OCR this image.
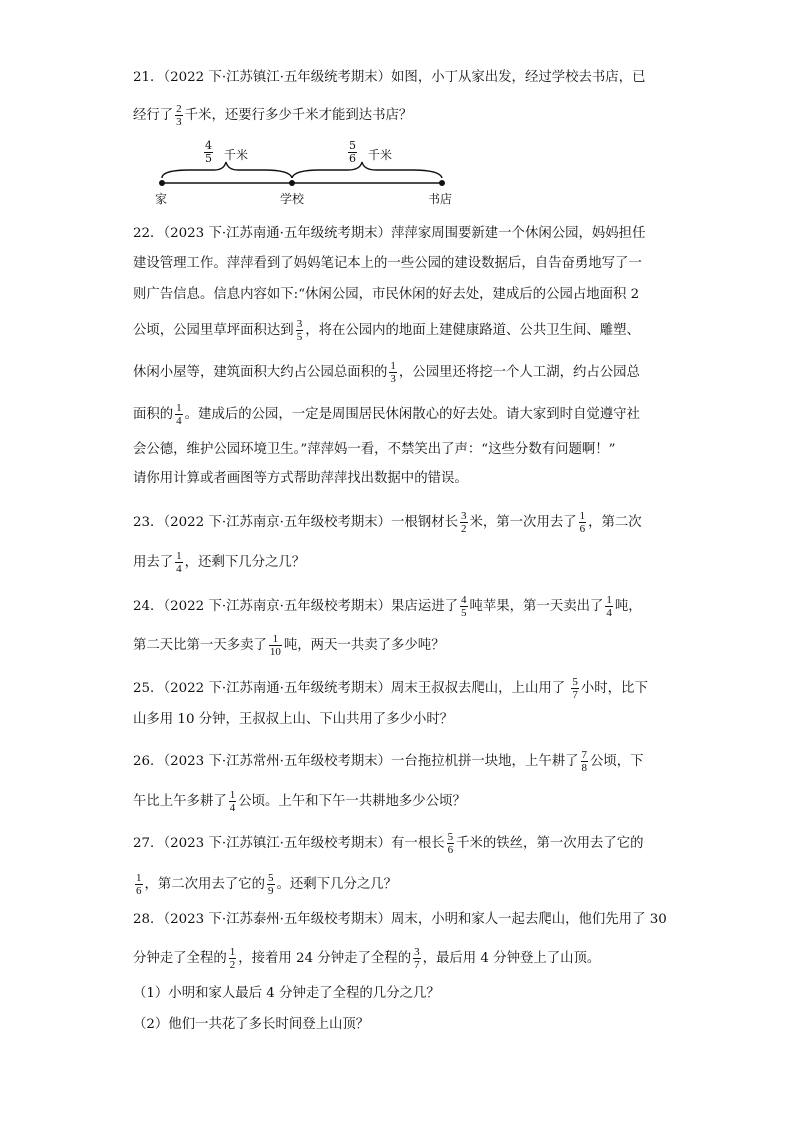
21．（2022 下·江苏镇江·五年级统考期末）如图，小丁从家出发，经过学校去书店，已
经行了 $\frac{2}{3}$ 千米，还要行多少千米才能到达书店？
$\frac{4}{5}$ 千米	$\frac{5}{6}$ 千米
家	学校	书店
22．（2023 下·江苏南通·五年级统考期末）萍萍家周围要新建一个休闲公园，妈妈担任
建设管理工作。萍萍看到了妈妈笔记本上的一些公园的建设数据后，自告奋勇地写了一
则广告信息。信息内容如下:“休闲公园，市民休闲的好去处，建成后的公园占地面积 2
公顷，公园里草坪面积达到 $\frac{3}{5}$ ，将在公园内的地面上建健康路道、公共卫生间、雕塑、
休闲小屋等，建筑面积大约占公园总面积的 $\frac{1}{3}$ ，公园里还将挖一个人工湖，约占公园总
面积的 $\frac{1}{4}$ 。建成后的公园，一定是周围居民休闲散心的好去处。请大家到时自觉遵守社
会公德，维护公园环境卫生。”萍萍妈一看，不禁笑出了声：“这些分数有问题啊！”
请你用计算或者画图等方式帮助萍萍找出数据中的错误。
23．（2022 下·江苏南京·五年级校考期末）一根钢材长 $\frac{3}{2}$ 米，第一次用去了 $\frac{1}{6}$ ，第二次
用去了 $\frac{1}{4}$ ，还剩下几分之几？
24．（2022 下·江苏南京·五年级校考期末）果店运进了 $\frac{4}{5}$ 吨苹果，第一天卖出了 $\frac{1}{4}$ 吨，
第二天比第一天多卖了 $\frac{1}{10}$ 吨，两天一共卖了多少吨？
25．（2022 下·江苏南通·五年级统考期末）周末王叔叔去爬山，上山用了 $\frac{5}{7}$ 小时，比下
山多用 10 分钟，王叔叔上山、下山共用了多少小时？
26．（2023 下·江苏常州·五年级校考期末）一台拖拉机拼一块地，上午耕了 $\frac{7}{8}$ 公顷，下
午比上午多耕了 $\frac{1}{4}$ 公顷。上午和下午一共耕地多少公顷？
27．（2023 下·江苏镇江·五年级校考期末）有一根长 $\frac{5}{6}$ 千米的铁丝，第一次用去了它的
$\frac{1}{6}$ ，第二次用去了它的 $\frac{5}{9}$ 。还剩下几分之几？
28．（2023 下·江苏泰州·五年级校考期末）周末，小明和家人一起去爬山，他们先用了 30
分钟走了全程的 $\frac{1}{2}$ ，接着用 24 分钟走了全程的 $\frac{3}{7}$ ，最后用 4 分钟登上了山顶。
（1）小明和家人最后 4 分钟走了全程的几分之几？
（2）他们一共花了多长时间登上山顶？
